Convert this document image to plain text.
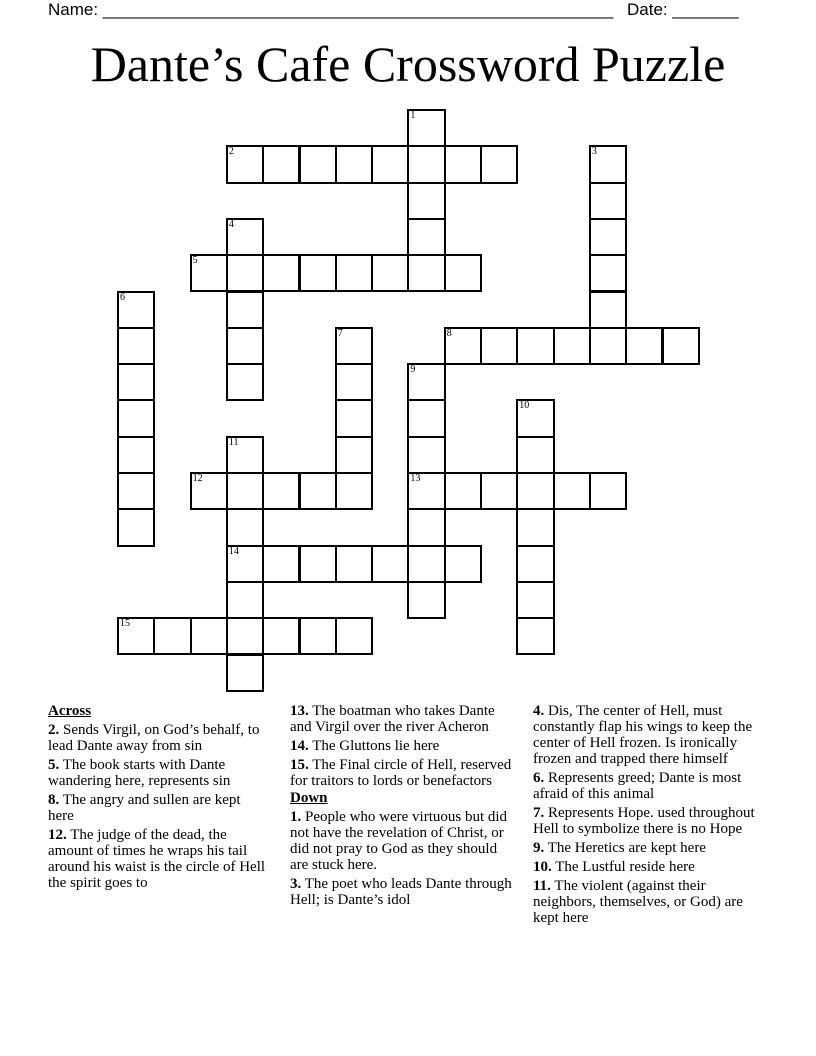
Name: ______________________________________________________ Date: _______
Dante’s Cafe Crossword Puzzle
1
2	3
4
5
6
7	8
9
10
11
12	13
14
15
Across
2. Sends Virgil, on God’s behalf, to lead Dante away from sin
5. The book starts with Dante wandering here, represents sin
8. The angry and sullen are kept here
12. The judge of the dead, the amount of times he wraps his tail around his waist is the circle of Hell the spirit goes to
13. The boatman who takes Dante and Virgil over the river Acheron
14. The Gluttons lie here
15. The Final circle of Hell, reserved for traitors to lords or benefactors
Down
1. People who were virtuous but did not have the revelation of Christ, or did not pray to God as they should are stuck here.
3. The poet who leads Dante through Hell; is Dante’s idol
4. Dis, The center of Hell, must constantly flap his wings to keep the center of Hell frozen. Is ironically frozen and trapped there himself
6. Represents greed; Dante is most afraid of this animal
7. Represents Hope. used throughout Hell to symbolize there is no Hope
9. The Heretics are kept here
10. The Lustful reside here
11. The violent (against their neighbors, themselves, or God) are kept here
